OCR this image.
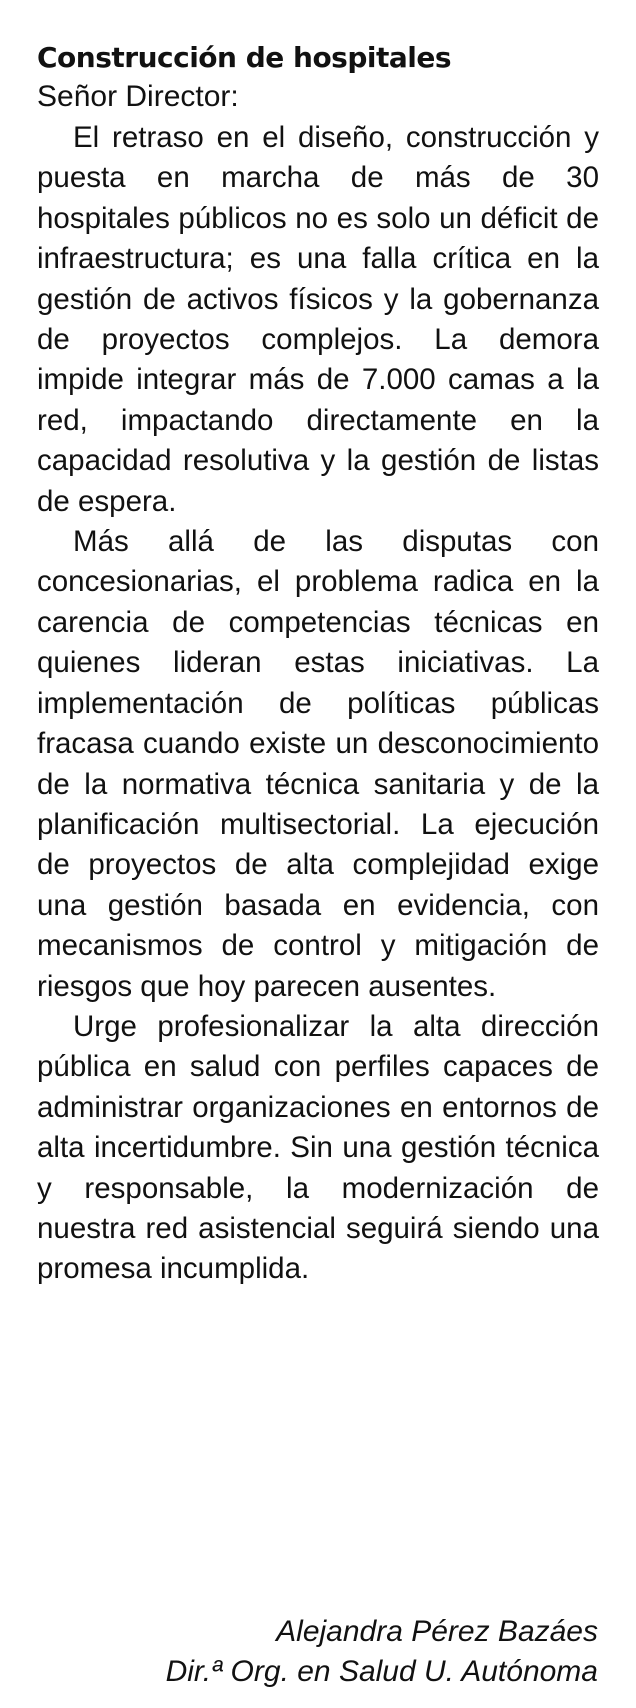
Construcción de hospitales

Señor Director:

El retraso en el diseño, construcción y puesta en marcha de más de 30 hospitales públicos no es solo un déficit de infraestructura; es una falla crítica en la gestión de activos físicos y la gobernanza de proyectos complejos. La demora impide integrar más de 7.000 camas a la red, impactando directamente en la capacidad resolutiva y la gestión de listas de espera.

Más allá de las disputas con concesionarias, el problema radica en la carencia de competencias técnicas en quienes lideran estas iniciativas. La implementación de políticas públicas fracasa cuando existe un desconocimiento de la normativa técnica sanitaria y de la planificación multisectorial. La ejecución de proyectos de alta complejidad exige una gestión basada en evidencia, con mecanismos de control y mitigación de riesgos que hoy parecen ausentes.

Urge profesionalizar la alta dirección pública en salud con perfiles capaces de administrar organizaciones en entornos de alta incertidumbre. Sin una gestión técnica y responsable, la modernización de nuestra red asistencial seguirá siendo una promesa incumplida.

Alejandra Pérez Bazáes
Dir.ª Org. en Salud U. Autónoma
